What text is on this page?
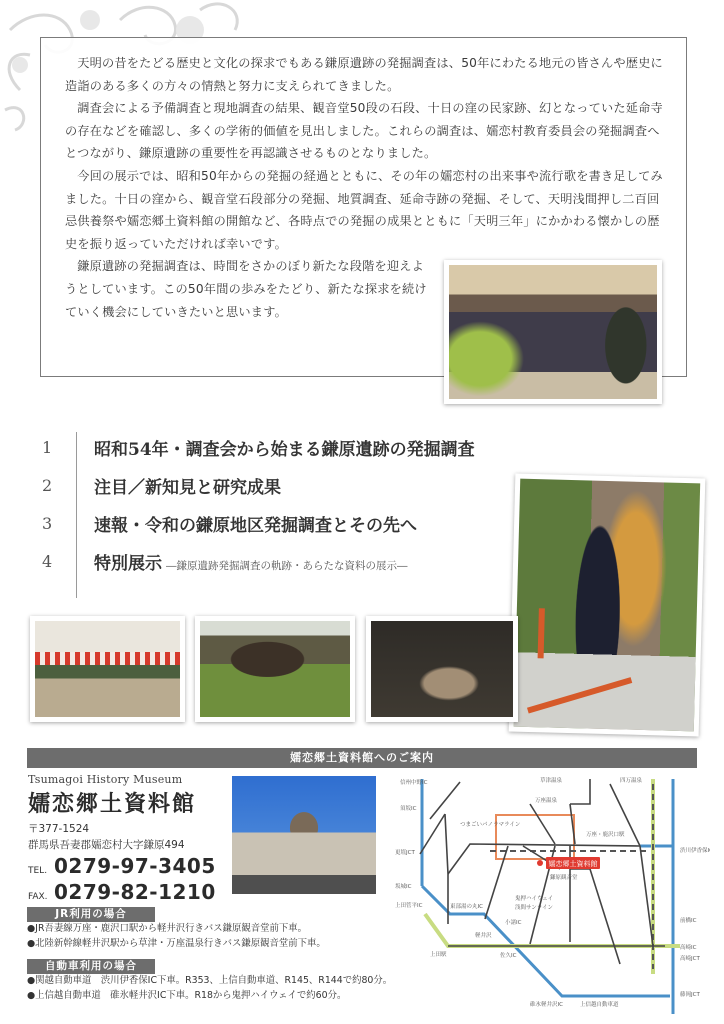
天明の昔をたどる歴史と文化の探求でもある鎌原遺跡の発掘調査は、50年にわたる地元の皆さんや歴史に造詣のある多くの方々の情熱と努力に支えられてきました。

調査会による予備調査と現地調査の結果、観音堂50段の石段、十日の窪の民家跡、幻となっていた延命寺の存在などを確認し、多くの学術的価値を見出しました。これらの調査は、嬬恋村教育委員会の発掘調査へとつながり、鎌原遺跡の重要性を再認識させるものとなりました。

今回の展示では、昭和50年からの発掘の経過とともに、その年の嬬恋村の出来事や流行歌を書き足してみました。十日の窪から、観音堂石段部分の発掘、地質調査、延命寺跡の発掘、そして、天明浅間押し二百回忌供養祭や嬬恋郷土資料館の開館など、各時点での発掘の成果とともに「天明三年」にかかわる懐かしの歴史を振り返っていただければ幸いです。

鎌原遺跡の発掘調査は、時間をさかのぼり新たな段階を迎えようとしています。この50年間の歩みをたどり、新たな探求を続けていく機会にしていきたいと思います。

1 昭和54年・調査会から始まる鎌原遺跡の発掘調査
2 注目／新知見と研究成果
3 速報・令和の鎌原地区発掘調査とその先へ
4 特別展示 ―鎌原遺跡発掘調査の軌跡・あらたな資料の展示―
嬬恋郷土資料館へのご案内
Tsumagoi History Museum
嬬恋郷土資料館
〒377-1524
群馬県吾妻郡嬬恋村大字鎌原494
TEL. 0279-97-3405
FAX. 0279-82-1210
JR利用の場合
●JR吾妻線万座・鹿沢口駅から軽井沢行きバス鎌原観音堂前下車。
●北陸新幹線軽井沢駅から草津・万座温泉行きバス鎌原観音堂前下車。
自動車利用の場合
●関越自動車道　渋川伊香保IC下車。R353、上信自動車道、R145、R144で約80分。
●上信越自動車道　碓氷軽井沢IC下車。R18から鬼押ハイウェイで約60分。
嬬恋郷土資料館
信州中野IC
須坂IC
更埴JCT
坂城IC
上田菅平IC	東部湯の丸IC
小諸IC
佐久IC
碓氷軽井沢IC
上田駅
軽井沢
渋川伊香保IC
前橋IC
高崎IC
高崎JCT
藤岡JCT
草津温泉	四万温泉
万座温泉
つまごいパノラマライン
鬼押ハイウェイ
浅間サンライン
上信越自動車道
万座・鹿沢口駅
鎌原観音堂
